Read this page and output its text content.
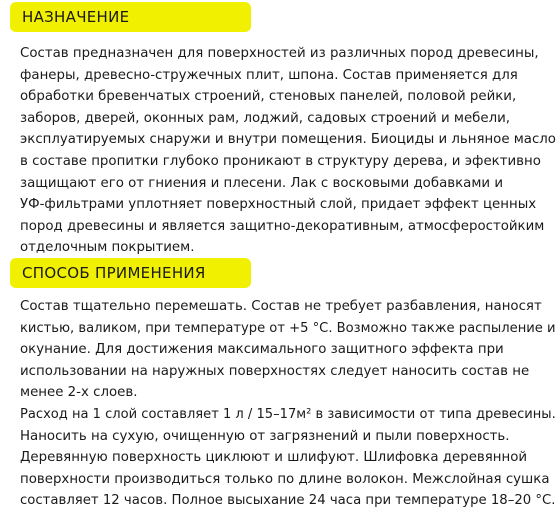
НАЗНАЧЕНИЕ
Состав предназначен для поверхностей из различных пород древесины,
фанеры, древесно-стружечных плит, шпона. Состав применяется для
обработки бревенчатых строений, стеновых панелей, половой рейки,
заборов, дверей, оконных рам, лоджий, садовых строений и мебели,
эксплуатируемых снаружи и внутри помещения. Биоциды и льняное масло
в составе пропитки глубоко проникают в структуру дерева, и эфективно
защищают его от гниения и плесени. Лак с восковыми добавками и
УФ-фильтрами уплотняет поверхностный слой, придает эффект ценных
пород древесины и является защитно-декоративным, атмосферостойким
отделочным покрытием.
СПОСОБ ПРИМЕНЕНИЯ
Состав тщательно перемешать. Состав не требует разбавления, наносят
кистью, валиком, при температуре от +5 °С. Возможно также распыление и
окунание. Для достижения максимального защитного эффекта при
использовании на наружных поверхностях следует наносить состав не
менее 2-х слоев.
Расход на 1 слой составляет 1 л / 15–17м² в зависимости от типа древесины.
Наносить на сухую, очищенную от загрязнений и пыли поверхность.
Деревянную поверхность циклюют и шлифуют. Шлифовка деревянной
поверхности производиться только по длине волокон. Межслойная сушка
составляет 12 часов. Полное высыхание 24 часа при температуре 18–20 °С.
